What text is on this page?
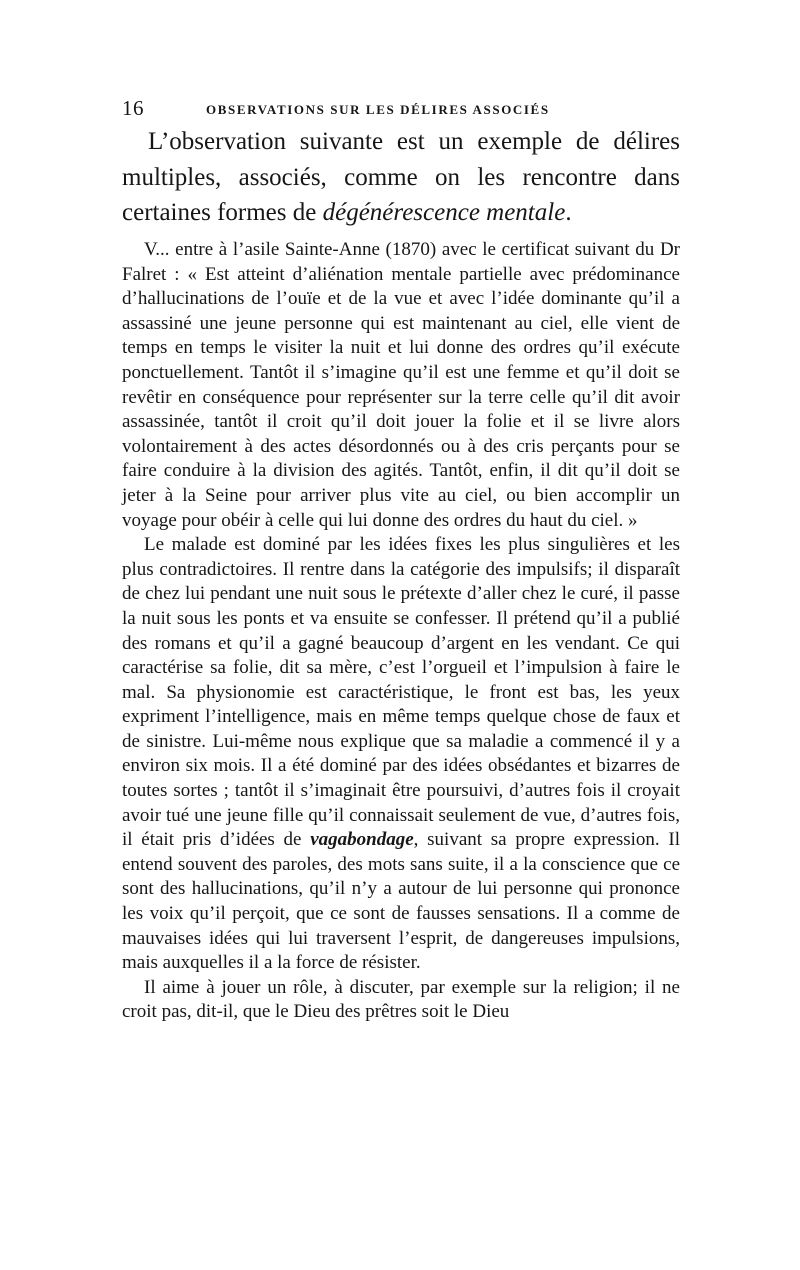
16	OBSERVATIONS SUR LES DÉLIRES ASSOCIÉS

L’observation suivante est un exemple de délires multiples, associés, comme on les rencontre dans certaines formes de dégénérescence mentale.

V... entre à l’asile Sainte-Anne (1870) avec le certificat suivant du Dr Falret : « Est atteint d’aliénation mentale partielle avec prédominance d’hallucinations de l’ouïe et de la vue et avec l’idée dominante qu’il a assassiné une jeune personne qui est maintenant au ciel, elle vient de temps en temps le visiter la nuit et lui donne des ordres qu’il exécute ponctuellement. Tantôt il s’imagine qu’il est une femme et qu’il doit se revêtir en conséquence pour représenter sur la terre celle qu’il dit avoir assassinée, tantôt il croit qu’il doit jouer la folie et il se livre alors volontairement à des actes désordonnés ou à des cris perçants pour se faire conduire à la division des agités. Tantôt, enfin, il dit qu’il doit se jeter à la Seine pour arriver plus vite au ciel, ou bien accomplir un voyage pour obéir à celle qui lui donne des ordres du haut du ciel. »

Le malade est dominé par les idées fixes les plus singulières et les plus contradictoires. Il rentre dans la catégorie des impulsifs; il disparaît de chez lui pendant une nuit sous le prétexte d’aller chez le curé, il passe la nuit sous les ponts et va ensuite se confesser. Il prétend qu’il a publié des romans et qu’il a gagné beaucoup d’argent en les vendant. Ce qui caractérise sa folie, dit sa mère, c’est l’orgueil et l’impulsion à faire le mal. Sa physionomie est caractéristique, le front est bas, les yeux expriment l’intelligence, mais en même temps quelque chose de faux et de sinistre. Lui-même nous explique que sa maladie a commencé il y a environ six mois. Il a été dominé par des idées obsédantes et bizarres de toutes sortes ; tantôt il s’imaginait être poursuivi, d’autres fois il croyait avoir tué une jeune fille qu’il connaissait seulement de vue, d’autres fois, il était pris d’idées de vagabondage, suivant sa propre expression. Il entend souvent des paroles, des mots sans suite, il a la conscience que ce sont des hallucinations, qu’il n’y a autour de lui personne qui prononce les voix qu’il perçoit, que ce sont de fausses sensations. Il a comme de mauvaises idées qui lui traversent l’esprit, de dangereuses impulsions, mais auxquelles il a la force de résister.

Il aime à jouer un rôle, à discuter, par exemple sur la religion; il ne croit pas, dit-il, que le Dieu des prêtres soit le Dieu
